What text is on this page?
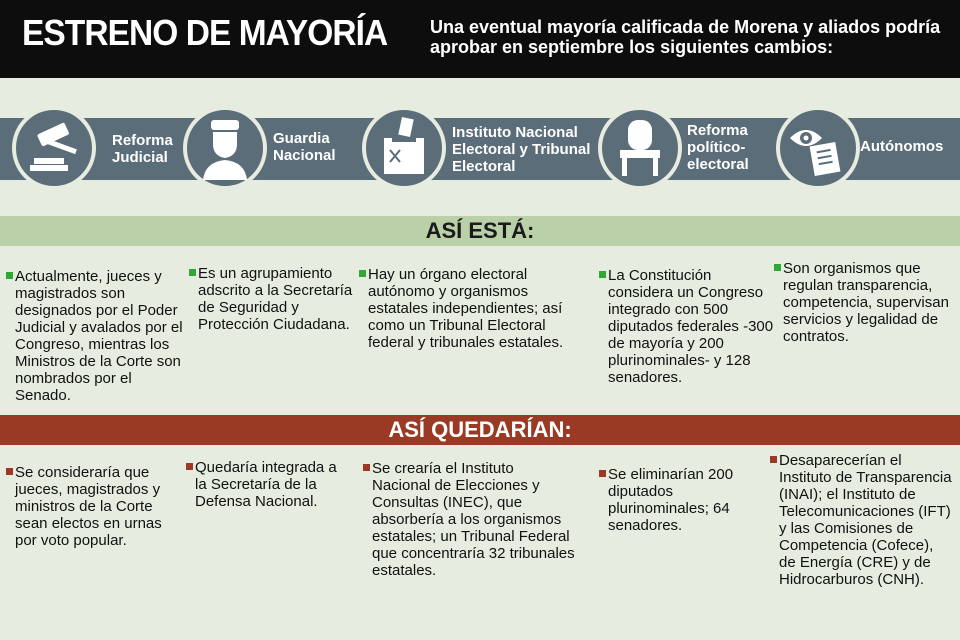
ESTRENO DE MAYORÍA Una eventual mayoría calificada de Morena y aliados podría aprobar en septiembre los siguientes cambios:
Reforma Judicial
Guardia Nacional
Instituto Nacional Electoral y Tribunal Electoral
Reforma político-electoral
Autónomos
ASÍ ESTÁ:
Actualmente, jueces y magistrados son designados por el Poder Judicial y avalados por el Congreso, mientras los Ministros de la Corte son nombrados por el Senado.
Es un agrupamiento adscrito a la Secretaría de Seguridad y Protección Ciudadana.
Hay un órgano electoral autónomo y organismos estatales independientes; así como un Tribunal Electoral federal y tribunales estatales.
La Constitución considera un Congreso integrado con 500 diputados federales -300 de mayoría y 200 plurinominales- y 128 senadores.
Son organismos que regulan transparencia, competencia, supervisan servicios y legalidad de contratos.
ASÍ QUEDARÍAN:
Se consideraría que jueces, magistrados y ministros de la Corte sean electos en urnas por voto popular.
Quedaría integrada a la Secretaría de la Defensa Nacional.
Se crearía el Instituto Nacional de Elecciones y Consultas (INEC), que absorbería a los organismos estatales; un Tribunal Federal que concentraría 32 tribunales estatales.
Se eliminarían 200 diputados plurinominales; 64 senadores.
Desaparecerían el Instituto de Transparencia (INAI); el Instituto de Telecomunicaciones (IFT) y las Comisiones de Competencia (Cofece), de Energía (CRE) y de Hidrocarburos (CNH).
